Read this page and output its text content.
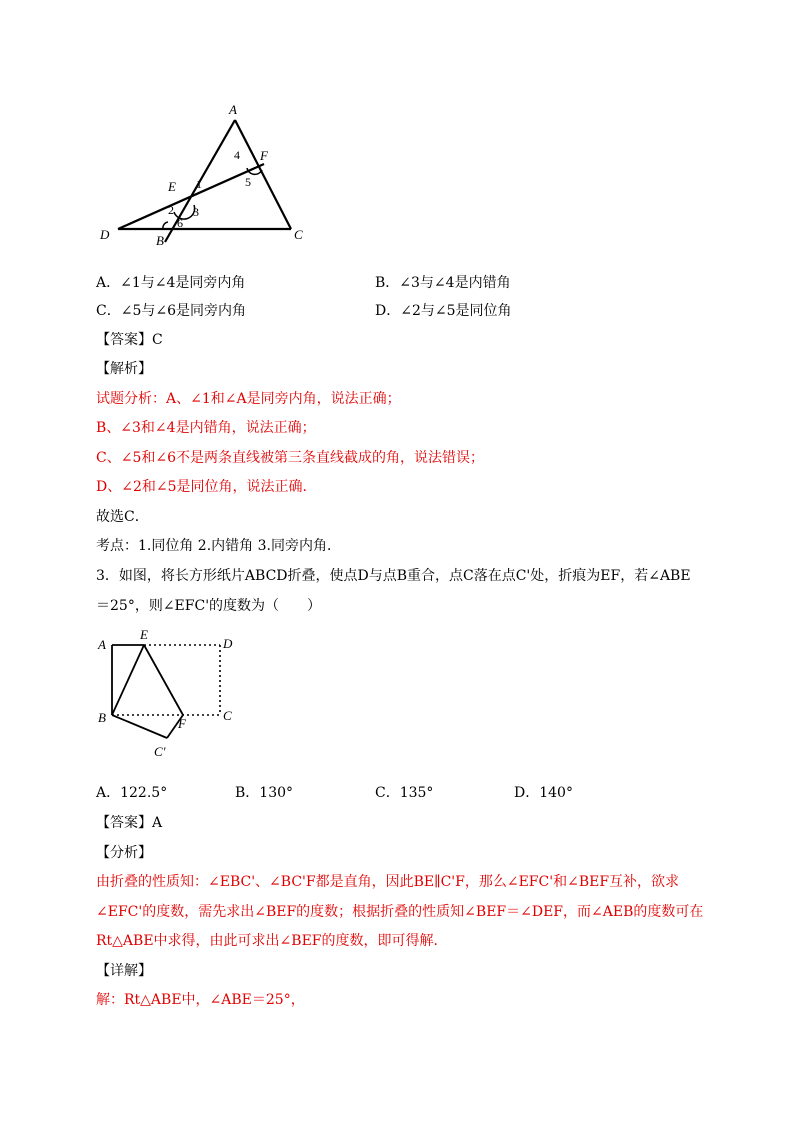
A
F
E
D	B	C
1
2 3
4
5
6
A．∠1与∠4是同旁内角	B．∠3与∠4是内错角
C．∠5与∠6是同旁内角	D．∠2与∠5是同位角
【答案】C
【解析】
试题分析：A、∠1和∠A是同旁内角，说法正确；
B、∠3和∠4是内错角，说法正确；
C、∠5和∠6不是两条直线被第三条直线截成的角，说法错误；
D、∠2和∠5是同位角，说法正确．
故选C．
考点：1.同位角 2.内错角 3.同旁内角．
3．如图，将长方形纸片ABCD折叠，使点D与点B重合，点C落在点C'处，折痕为EF，若∠ABE
＝25°，则∠EFC'的度数为（　　）
A
E
D
B	F
C
C'
A．122.5°	B．130°	C．135°	D．140°
【答案】A
【分析】
由折叠的性质知：∠EBC'、∠BC'F都是直角，因此BE∥C'F，那么∠EFC'和∠BEF互补，欲求
∠EFC'的度数，需先求出∠BEF的度数；根据折叠的性质知∠BEF＝∠DEF，而∠AEB的度数可在
Rt△ABE中求得，由此可求出∠BEF的度数，即可得解．
【详解】
解：Rt△ABE中，∠ABE＝25°，
